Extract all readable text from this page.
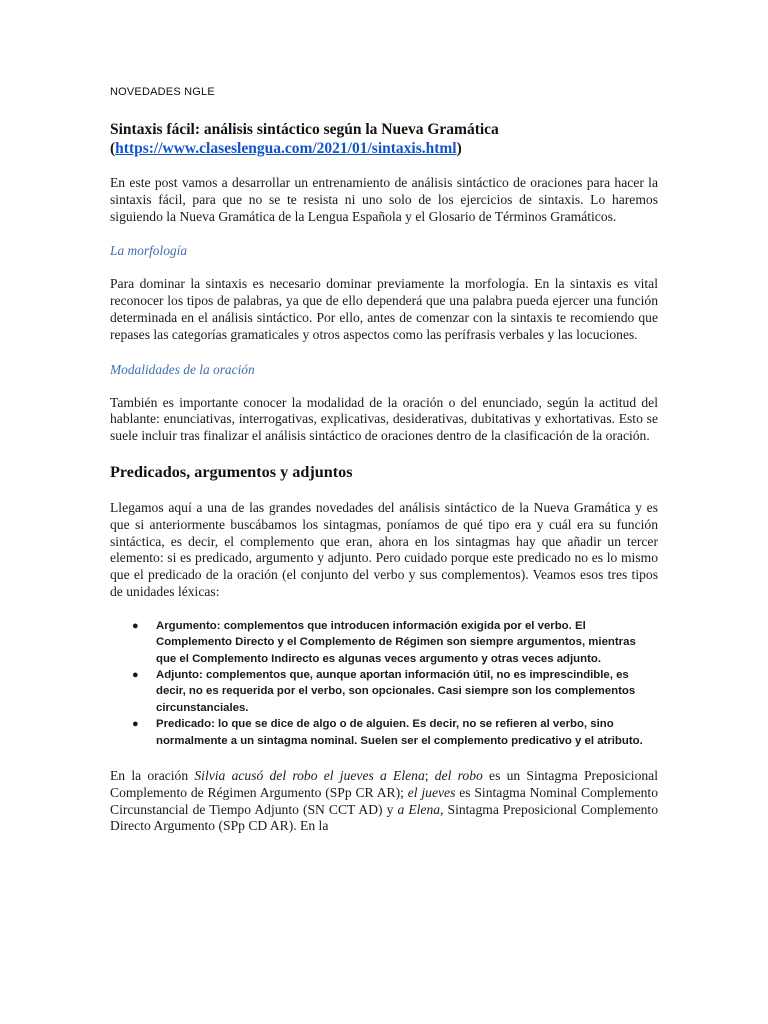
NOVEDADES NGLE
Sintaxis fácil: análisis sintáctico según la Nueva Gramática
(https://www.claseslengua.com/2021/01/sintaxis.html)

En este post vamos a desarrollar un entrenamiento de análisis sintáctico de oraciones para hacer la sintaxis fácil, para que no se te resista ni uno solo de los ejercicios de sintaxis. Lo haremos siguiendo la Nueva Gramática de la Lengua Española y el Glosario de Términos Gramáticos.

La morfología

Para dominar la sintaxis es necesario dominar previamente la morfología. En la sintaxis es vital reconocer los tipos de palabras, ya que de ello dependerá que una palabra pueda ejercer una función determinada en el análisis sintáctico. Por ello, antes de comenzar con la sintaxis te recomiendo que repases las categorías gramaticales y otros aspectos como las perífrasis verbales y las locuciones.

Modalidades de la oración

También es importante conocer la modalidad de la oración o del enunciado, según la actitud del hablante: enunciativas, interrogativas, explicativas, desiderativas, dubitativas y exhortativas. Esto se suele incluir tras finalizar el análisis sintáctico de oraciones dentro de la clasificación de la oración.

Predicados, argumentos y adjuntos

Llegamos aquí a una de las grandes novedades del análisis sintáctico de la Nueva Gramática y es que si anteriormente buscábamos los sintagmas, poníamos de qué tipo era y cuál era su función sintáctica, es decir, el complemento que eran, ahora en los sintagmas hay que añadir un tercer elemento: si es predicado, argumento y adjunto. Pero cuidado porque este predicado no es lo mismo que el predicado de la oración (el conjunto del verbo y sus complementos). Veamos esos tres tipos de unidades léxicas:

● Argumento: complementos que introducen información exigida por el verbo. El Complemento Directo y el Complemento de Régimen son siempre argumentos, mientras que el Complemento Indirecto es algunas veces argumento y otras veces adjunto.
● Adjunto: complementos que, aunque aportan información útil, no es imprescindible, es decir, no es requerida por el verbo, son opcionales. Casi siempre son los complementos circunstanciales.
● Predicado: lo que se dice de algo o de alguien. Es decir, no se refieren al verbo, sino normalmente a un sintagma nominal. Suelen ser el complemento predicativo y el atributo.

En la oración Silvia acusó del robo el jueves a Elena; del robo es un Sintagma Preposicional Complemento de Régimen Argumento (SPp CR AR); el jueves es Sintagma Nominal Complemento Circunstancial de Tiempo Adjunto (SN CCT AD) y a Elena, Sintagma Preposicional Complemento Directo Argumento (SPp CD AR). En la
